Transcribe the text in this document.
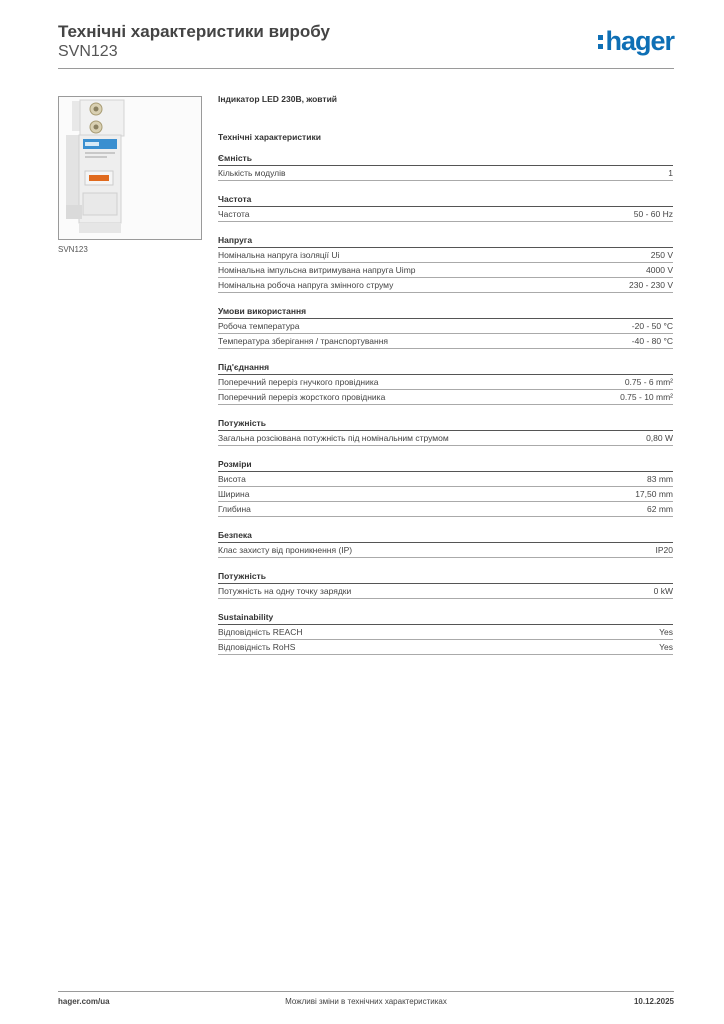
Технічні характеристики виробу
SVN123	hager
SVN123
Індикатор LED 230В, жовтий
Технічні характеристики
Ємність
Кількість модулів	1
Частота
Частота	50 - 60 Hz
Напруга
Номінальна напруга ізоляції Ui	250 V
Номінальна імпульсна витримувана напруга Uimp	4000 V
Номінальна робоча напруга змінного струму	230 - 230 V
Умови використання
Робоча температура	-20 - 50 °C
Температура зберігання / транспортування	-40 - 80 °C
Під'єднання
Поперечний переріз гнучкого провідника	0.75 - 6 mm²
Поперечний переріз жорсткого провідника	0.75 - 10 mm²
Потужність
Загальна розсіювана потужність під номінальним струмом	0,80 W
Розміри
Висота	83 mm
Ширина	17,50 mm
Глибина	62 mm
Безпека
Клас захисту від проникнення (IP)	IP20
Потужність
Потужність на одну точку зарядки	0 kW
Sustainability
Відповідність REACH	Yes
Відповідність RoHS	Yes
hager.com/ua	Можливі зміни в технічних характеристиках	10.12.2025
